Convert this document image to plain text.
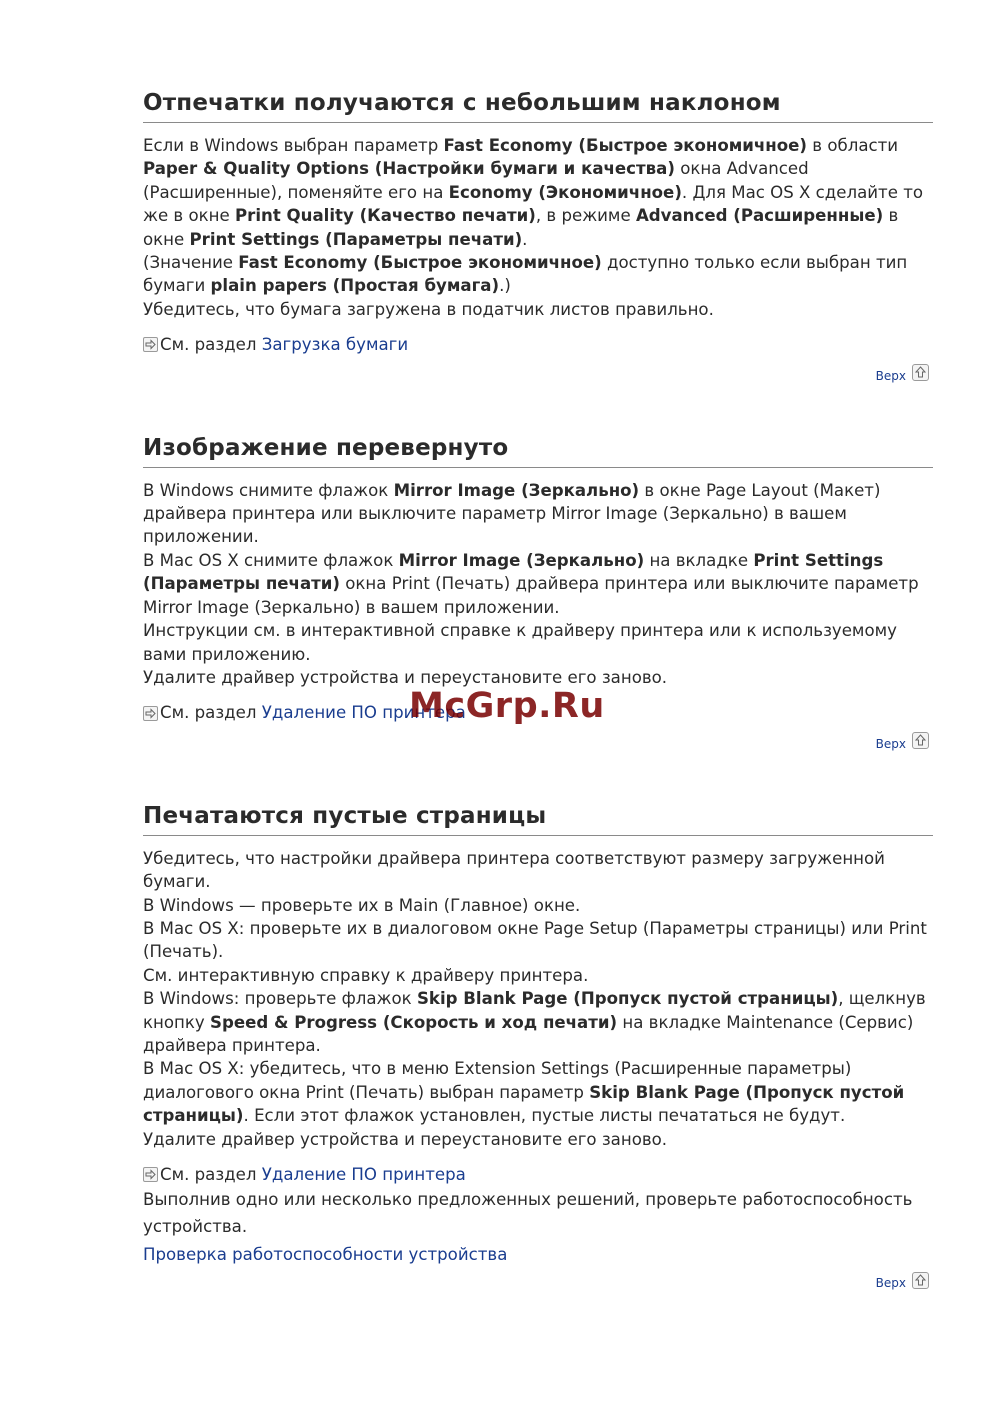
Отпечатки получаются с небольшим наклоном
Если в Windows выбран параметр Fast Economy (Быстрое экономичное) в области Paper & Quality Options (Настройки бумаги и качества) окна Advanced (Расширенные), поменяйте его на Economy (Экономичное). Для Mac OS X сделайте то же в окне Print Quality (Качество печати), в режиме Advanced (Расширенные) в окне Print Settings (Параметры печати).
(Значение Fast Economy (Быстрое экономичное) доступно только если выбран тип бумаги plain papers (Простая бумага).)
Убедитесь, что бумага загружена в податчик листов правильно.
См. раздел Загрузка бумаги
Верх
Изображение перевернуто
В Windows снимите флажок Mirror Image (Зеркально) в окне Page Layout (Макет) драйвера принтера или выключите параметр Mirror Image (Зеркально) в вашем приложении.
В Mac OS X снимите флажок Mirror Image (Зеркально) на вкладке Print Settings (Параметры печати) окна Print (Печать) драйвера принтера или выключите параметр Mirror Image (Зеркально) в вашем приложении.
Инструкции см. в интерактивной справке к драйверу принтера или к используемому вами приложению.
Удалите драйвер устройства и переустановите его заново.
См. раздел Удаление ПО принтера
Верх
Печатаются пустые страницы
Убедитесь, что настройки драйвера принтера соответствуют размеру загруженной бумаги.
В Windows — проверьте их в Main (Главное) окне.
В Mac OS X: проверьте их в диалоговом окне Page Setup (Параметры страницы) или Print (Печать).
См. интерактивную справку к драйверу принтера.
В Windows: проверьте флажок Skip Blank Page (Пропуск пустой страницы), щелкнув кнопку Speed & Progress (Скорость и ход печати) на вкладке Maintenance (Сервис) драйвера принтера.
В Mac OS X: убедитесь, что в меню Extension Settings (Расширенные параметры) диалогового окна Print (Печать) выбран параметр Skip Blank Page (Пропуск пустой страницы). Если этот флажок установлен, пустые листы печататься не будут.
Удалите драйвер устройства и переустановите его заново.
См. раздел Удаление ПО принтера
Выполнив одно или несколько предложенных решений, проверьте работоспособность устройства.
Проверка работоспособности устройства
Верх
McGrp.Ru
